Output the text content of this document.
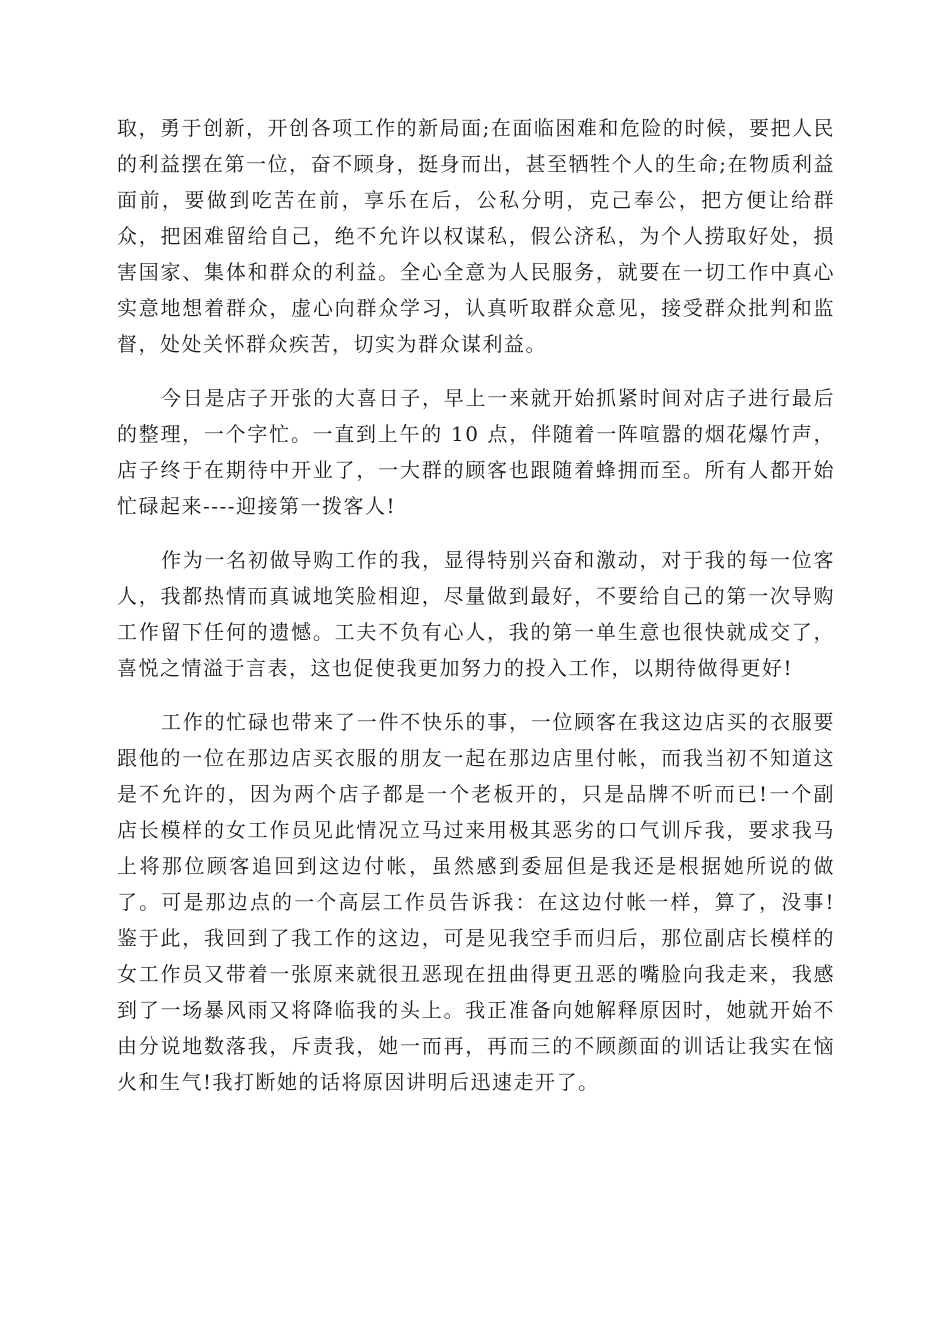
取，勇于创新，开创各项工作的新局面;在面临困难和危险的时候，要把人民的利益摆在第一位，奋不顾身，挺身而出，甚至牺牲个人的生命;在物质利益面前，要做到吃苦在前，享乐在后，公私分明，克己奉公，把方便让给群众，把困难留给自己，绝不允许以权谋私，假公济私，为个人捞取好处，损害国家、集体和群众的利益。全心全意为人民服务，就要在一切工作中真心实意地想着群众，虚心向群众学习，认真听取群众意见，接受群众批判和监督，处处关怀群众疾苦，切实为群众谋利益。

今日是店子开张的大喜日子，早上一来就开始抓紧时间对店子进行最后的整理，一个字忙。一直到上午的 10 点，伴随着一阵喧嚣的烟花爆竹声，店子终于在期待中开业了，一大群的顾客也跟随着蜂拥而至。所有人都开始忙碌起来----迎接第一拨客人!

作为一名初做导购工作的我，显得特别兴奋和激动，对于我的每一位客人，我都热情而真诚地笑脸相迎，尽量做到最好，不要给自己的第一次导购工作留下任何的遗憾。工夫不负有心人，我的第一单生意也很快就成交了，喜悦之情溢于言表，这也促使我更加努力的投入工作，以期待做得更好!

工作的忙碌也带来了一件不快乐的事，一位顾客在我这边店买的衣服要跟他的一位在那边店买衣服的朋友一起在那边店里付帐，而我当初不知道这是不允许的，因为两个店子都是一个老板开的，只是品牌不听而已!一个副店长模样的女工作员见此情况立马过来用极其恶劣的口气训斥我，要求我马上将那位顾客追回到这边付帐，虽然感到委屈但是我还是根据她所说的做了。可是那边点的一个高层工作员告诉我：在这边付帐一样，算了，没事!鉴于此，我回到了我工作的这边，可是见我空手而归后，那位副店长模样的女工作员又带着一张原来就很丑恶现在扭曲得更丑恶的嘴脸向我走来，我感到了一场暴风雨又将降临我的头上。我正准备向她解释原因时，她就开始不由分说地数落我，斥责我，她一而再，再而三的不顾颜面的训话让我实在恼火和生气!我打断她的话将原因讲明后迅速走开了。
